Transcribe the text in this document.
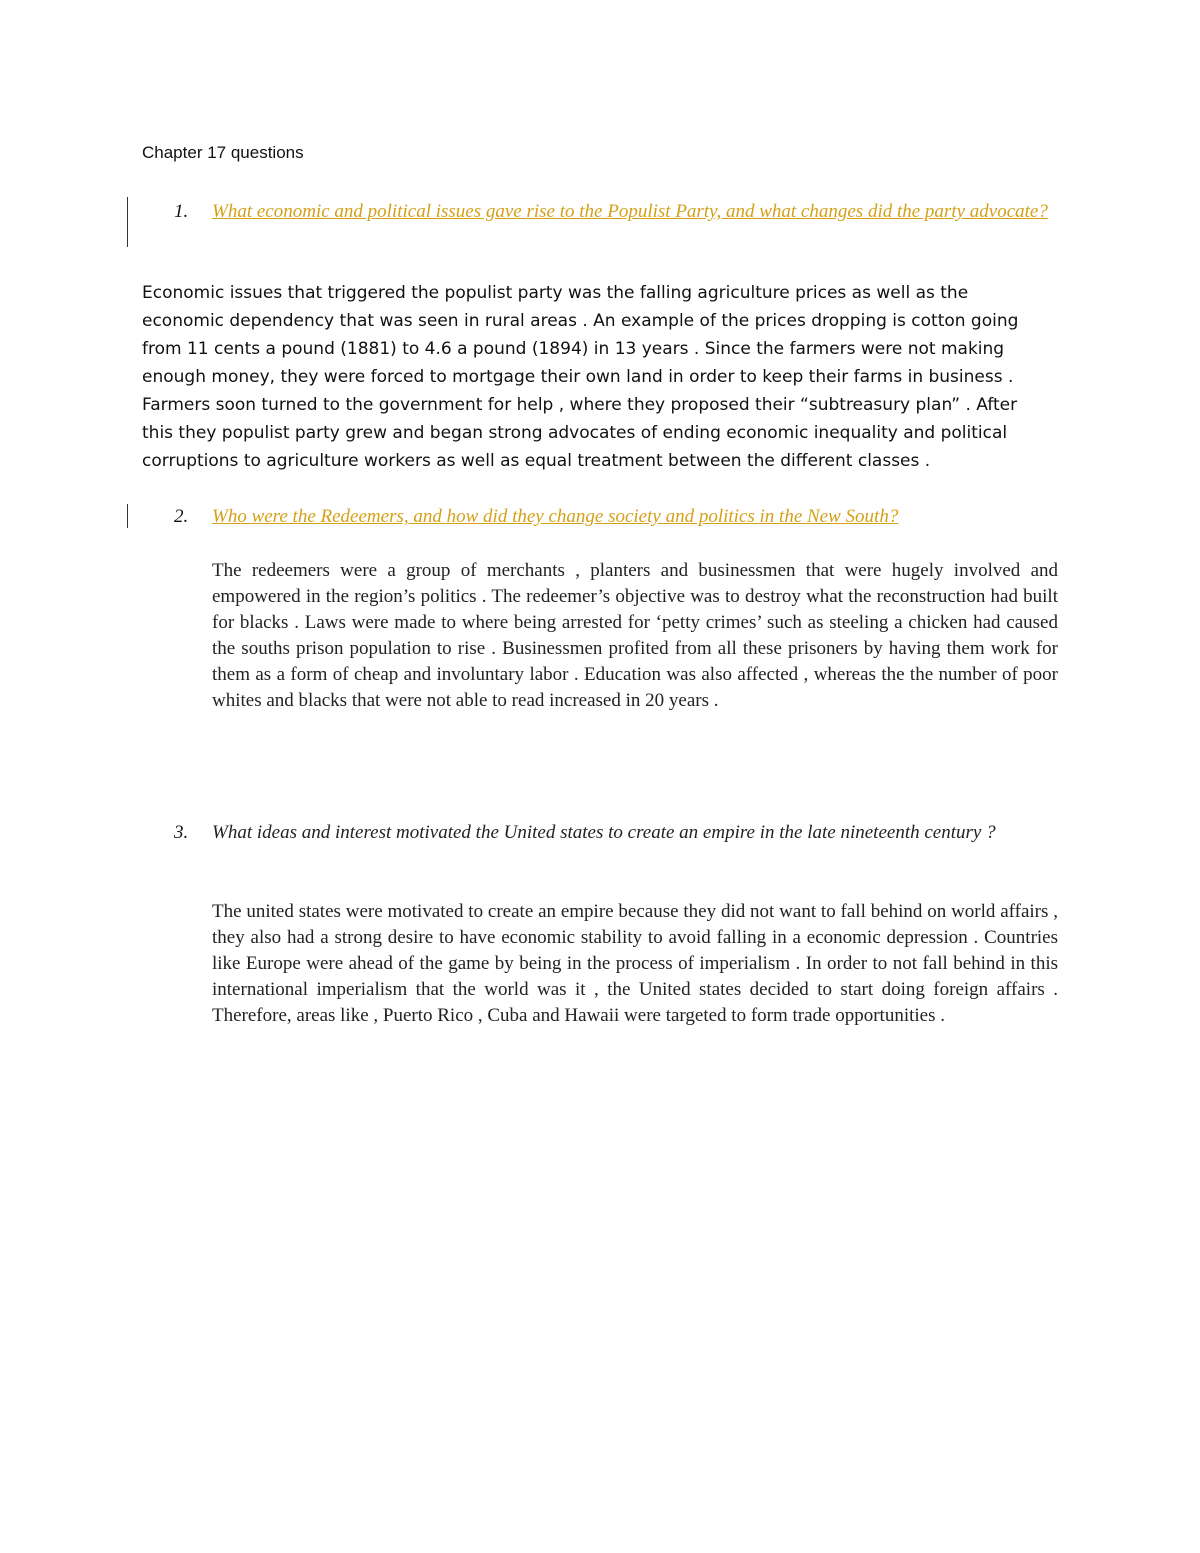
Chapter 17 questions

1. What economic and political issues gave rise to the Populist Party, and what changes did the party advocate?

Economic issues that triggered the populist party was the falling agriculture prices as well as the economic dependency that was seen in rural areas . An example of the prices dropping is cotton going from 11 cents a pound (1881) to 4.6 a pound (1894) in 13 years . Since the farmers were not making enough money, they were forced to mortgage their own land in order to keep their farms in business . Farmers soon turned to the government for help , where they proposed their “subtreasury plan” . After this they populist party grew and began strong advocates of ending economic inequality and political corruptions to agriculture workers as well as equal treatment between the different classes .

2. Who were the Redeemers, and how did they change society and politics in the New South?

The redeemers were a group of merchants , planters and businessmen that were hugely involved and empowered in the region’s politics . The redeemer’s objective was to destroy what the reconstruction had built for blacks . Laws were made to where being arrested for ‘petty crimes’ such as steeling a chicken had caused the souths prison population to rise . Businessmen profited from all these prisoners by having them work for them as a form of cheap and involuntary labor . Education was also affected , whereas the the number of poor whites and blacks that were not able to read increased in 20 years .

3. What ideas and interest motivated the United states to create an empire in the late nineteenth century ?

The united states were motivated to create an empire because they did not want to fall behind on world affairs , they also had a strong desire to have economic stability to avoid falling in a economic depression . Countries like Europe were ahead of the game by being in the process of imperialism . In order to not fall behind in this international imperialism that the world was it , the United states decided to start doing foreign affairs . Therefore, areas like , Puerto Rico , Cuba and Hawaii were targeted to form trade opportunities .
